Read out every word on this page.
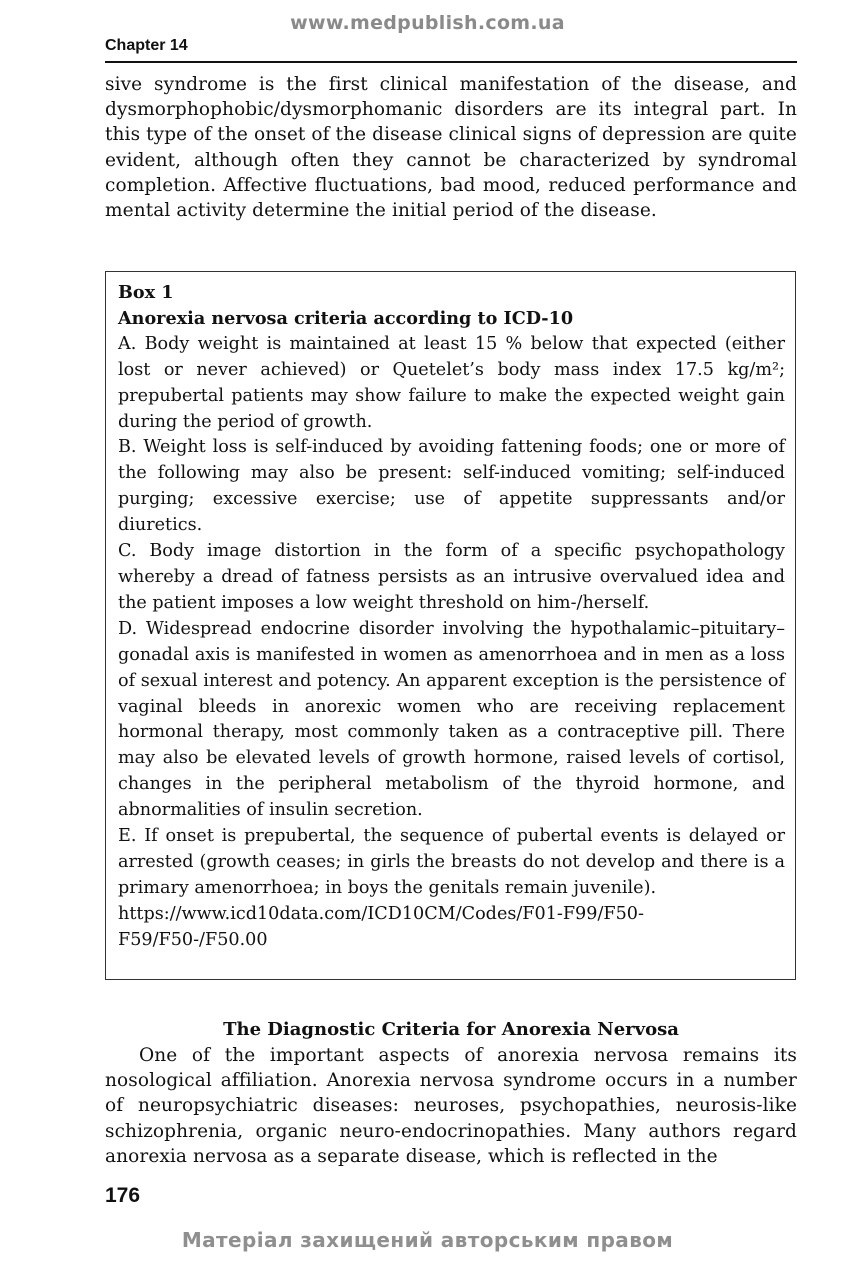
www.medpublish.com.ua
Chapter 14
sive syndrome is the first clinical manifestation of the disease, and dysmorphophobic/dysmorphomanic disorders are its integral part. In this type of the onset of the disease clinical signs of depression are quite evident, although often they cannot be characterized by syndromal completion. Affective fluctuations, bad mood, reduced performance and mental activity determine the initial period of the disease.
Box 1
Anorexia nervosa criteria according to ICD-10
A. Body weight is maintained at least 15 % below that expected (either lost or never achieved) or Quetelet’s body mass index 17.5 kg/m²; prepubertal patients may show failure to make the expected weight gain during the period of growth.
B. Weight loss is self-induced by avoiding fattening foods; one or more of the following may also be present: self-induced vomiting; self-induced purging; excessive exercise; use of appetite suppressants and/or diuretics.
C. Body image distortion in the form of a specific psychopathology whereby a dread of fatness persists as an intrusive overvalued idea and the patient imposes a low weight threshold on him-/herself.
D. Widespread endocrine disorder involving the hypothalamic–pituitary–gonadal axis is manifested in women as amenorrhoea and in men as a loss of sexual interest and potency. An apparent exception is the persistence of vaginal bleeds in anorexic women who are receiving replacement hormonal therapy, most commonly taken as a contraceptive pill. There may also be elevated levels of growth hormone, raised levels of cortisol, changes in the peripheral metabolism of the thyroid hormone, and abnormalities of insulin secretion.
E. If onset is prepubertal, the sequence of pubertal events is delayed or arrested (growth ceases; in girls the breasts do not develop and there is a primary amenorrhoea; in boys the genitals remain juvenile).
https://www.icd10data.com/ICD10CM/Codes/F01-F99/F50-F59/F50-/F50.00
The Diagnostic Criteria for Anorexia Nervosa
One of the important aspects of anorexia nervosa remains its nosological affiliation. Anorexia nervosa syndrome occurs in a number of neuropsychiatric diseases: neuroses, psychopathies, neurosis-like schizophrenia, organic neuro-endocrinopathies. Many authors regard anorexia nervosa as a separate disease, which is reflected in the
176
Матеріал захищений авторським правом
